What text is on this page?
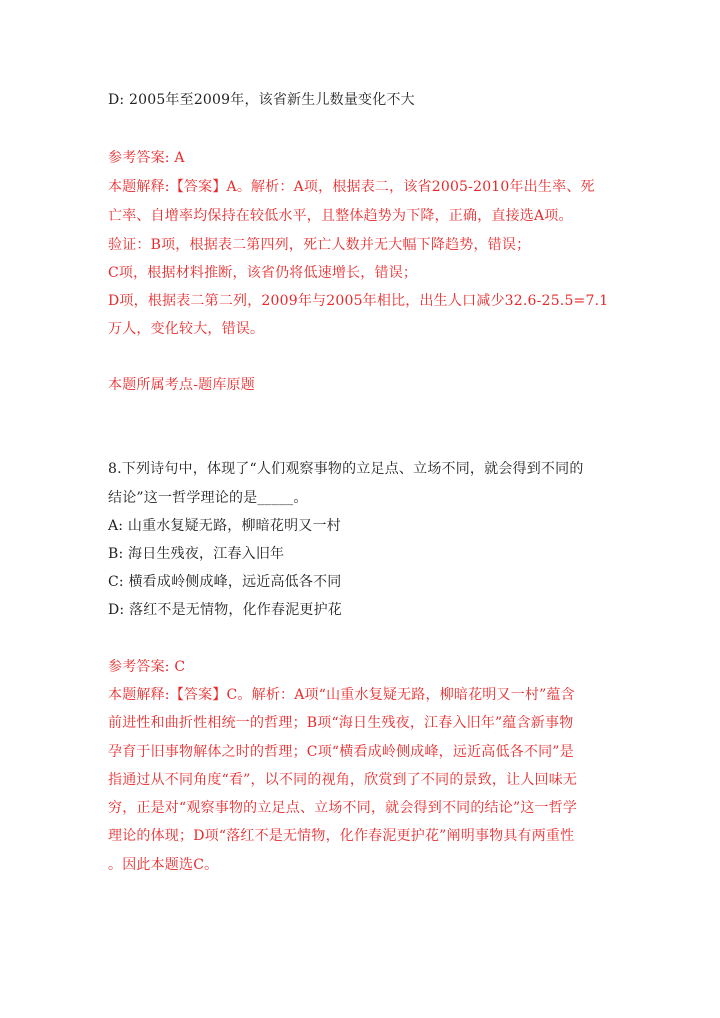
D: 2005年至2009年，该省新生儿数量变化不大
参考答案: A
本题解释:【答案】A。解析：A项，根据表二，该省2005-2010年出生率、死
亡率、自增率均保持在较低水平，且整体趋势为下降，正确，直接选A项。
验证：B项，根据表二第四列，死亡人数并无大幅下降趋势，错误；
C项，根据材料推断，该省仍将低速增长，错误；
D项，根据表二第二列，2009年与2005年相比，出生人口减少32.6-25.5=7.1
万人，变化较大，错误。
本题所属考点-题库原题
8.下列诗句中，体现了“人们观察事物的立足点、立场不同，就会得到不同的
结论”这一哲学理论的是_____。
A: 山重水复疑无路，柳暗花明又一村
B: 海日生残夜，江春入旧年
C: 横看成岭侧成峰，远近高低各不同
D: 落红不是无情物，化作春泥更护花
参考答案: C
本题解释:【答案】C。解析：A项“山重水复疑无路，柳暗花明又一村”蕴含
前进性和曲折性相统一的哲理；B项“海日生残夜，江春入旧年”蕴含新事物
孕育于旧事物解体之时的哲理；C项“横看成岭侧成峰，远近高低各不同”是
指通过从不同角度“看”，以不同的视角，欣赏到了不同的景致，让人回味无
穷，正是对“观察事物的立足点、立场不同，就会得到不同的结论”这一哲学
理论的体现；D项“落红不是无情物，化作春泥更护花”阐明事物具有两重性
。因此本题选C。
